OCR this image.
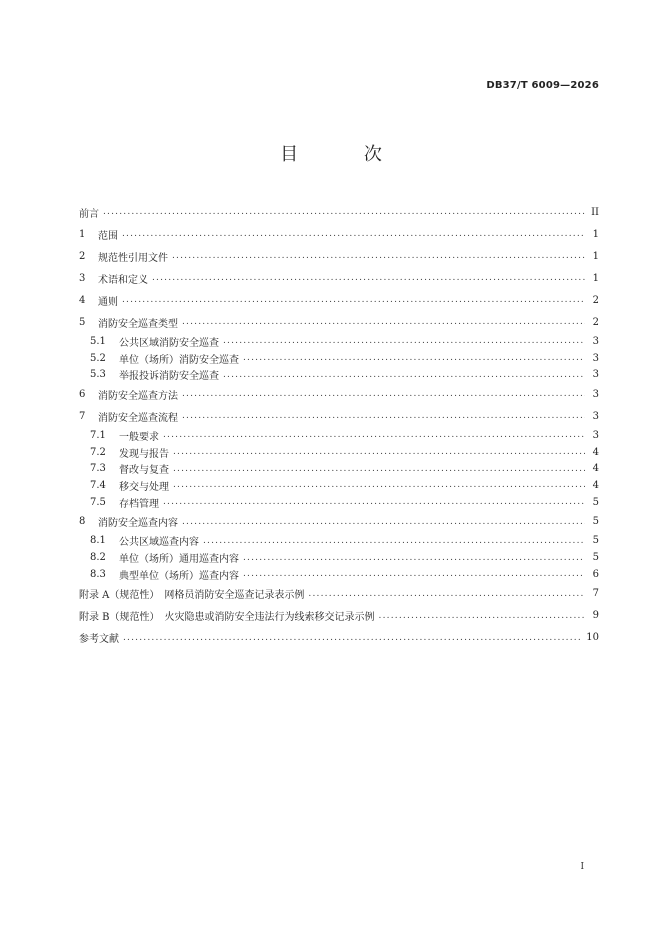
DB37/T 6009—2026
目 次
前言 .....	II
1	范围 .....	1
2	规范性引用文件 .....	1
3	术语和定义 .....	1
4	通则 .....	2
5	消防安全巡查类型 .....	2
5.1	公共区域消防安全巡查 .....	3
5.2	单位（场所）消防安全巡查 .....	3
5.3	举报投诉消防安全巡查 .....	3
6	消防安全巡查方法 .....	3
7	消防安全巡查流程 .....	3
7.1	一般要求 .....	3
7.2	发现与报告 .....	4
7.3	督改与复查 .....	4
7.4	移交与处理 .....	4
7.5	存档管理 .....	5
8	消防安全巡查内容 .....	5
8.1	公共区域巡查内容 .....	5
8.2	单位（场所）通用巡查内容 .....	5
8.3	典型单位（场所）巡查内容 .....	6
附录 A（规范性）　网格员消防安全巡查记录表示例 .....	7
附录 B（规范性）　火灾隐患或消防安全违法行为线索移交记录示例 .....	9
参考文献 .....	10
I
